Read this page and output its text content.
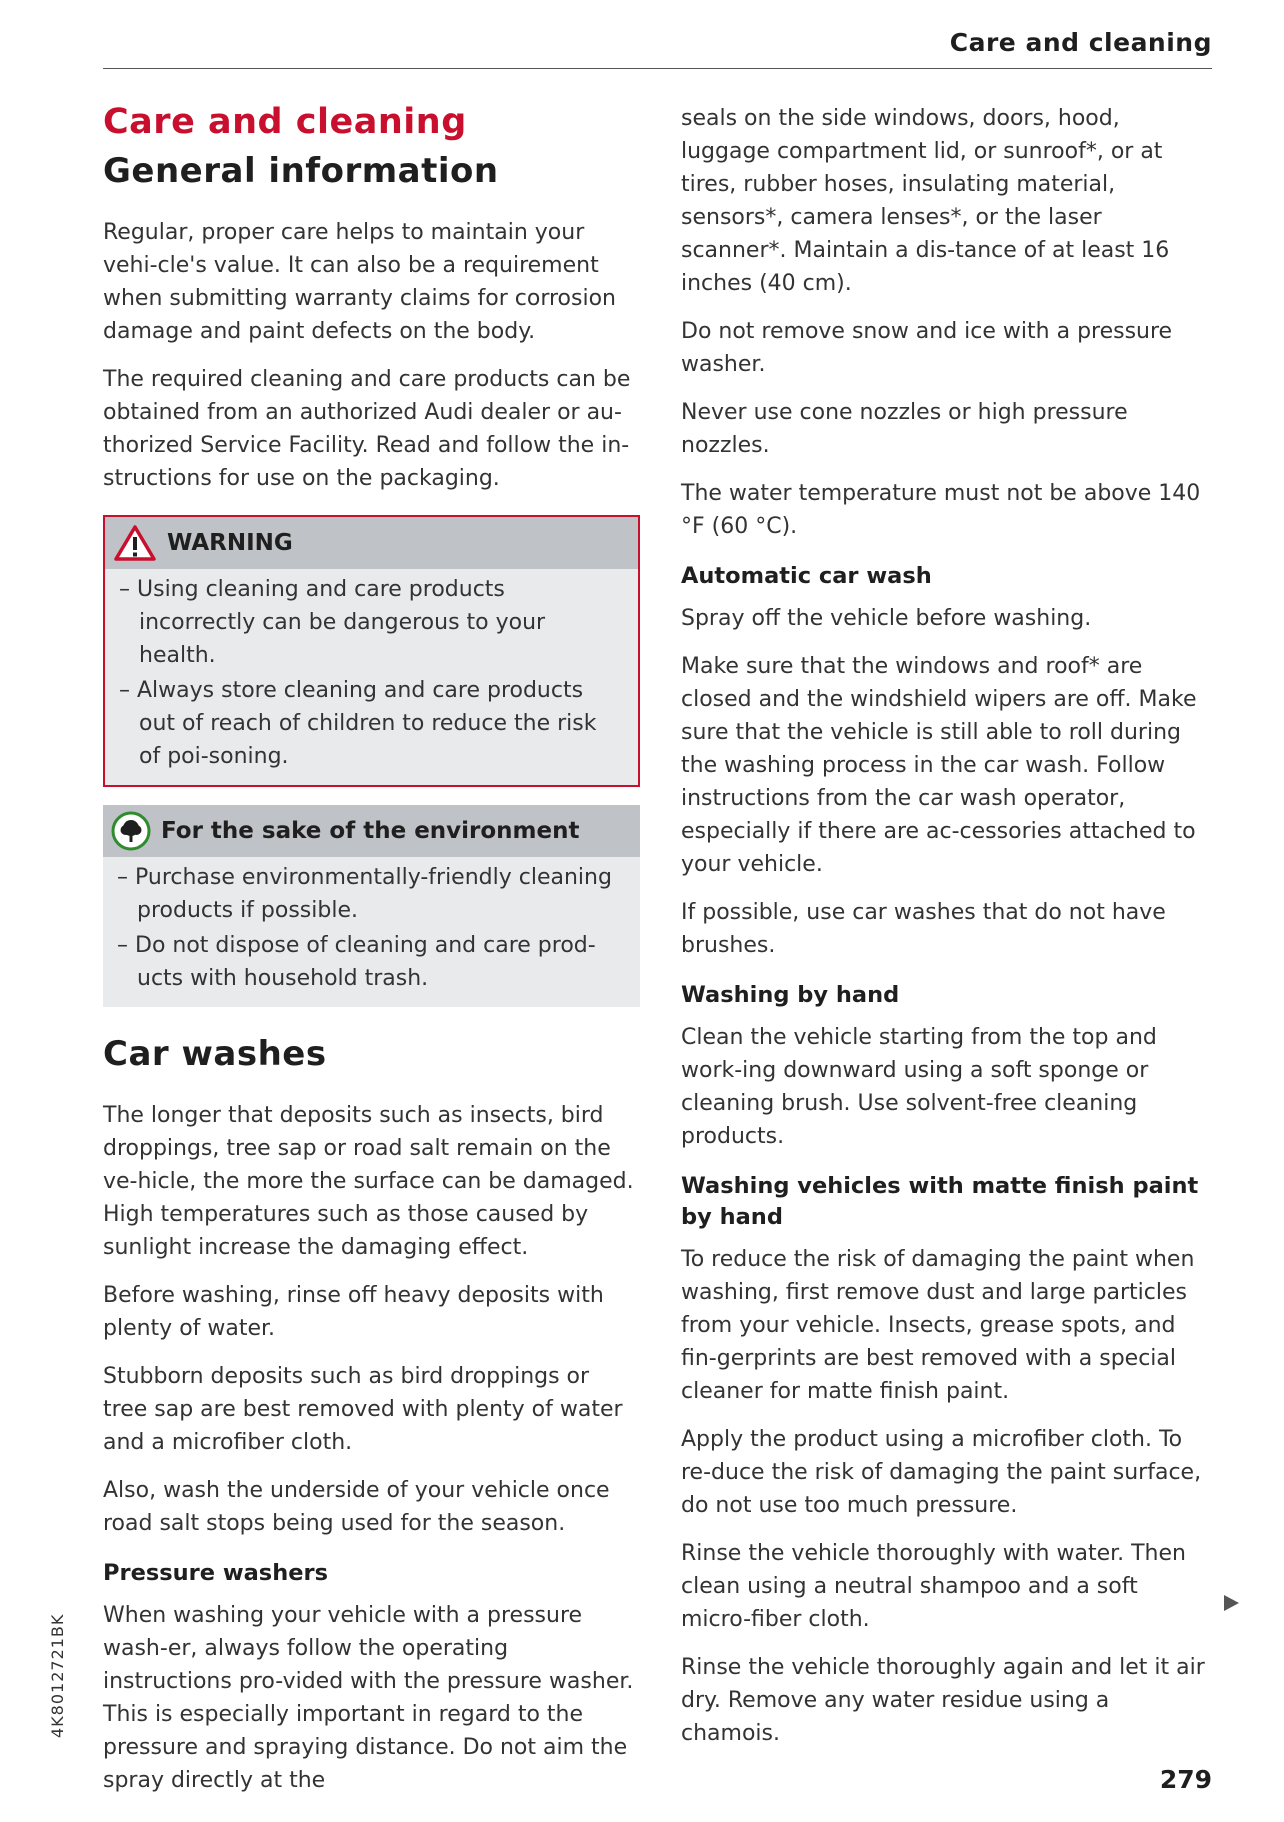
Care and cleaning
Care and cleaning
General information

Regular, proper care helps to maintain your vehi-cle's value. It can also be a requirement when submitting warranty claims for corrosion damage and paint defects on the body.

The required cleaning and care products can be obtained from an authorized Audi dealer or au-thorized Service Facility. Read and follow the in-structions for use on the packaging.

WARNING
– Using cleaning and care products incorrectly can be dangerous to your health.
– Always store cleaning and care products out of reach of children to reduce the risk of poi-soning.
For the sake of the environment
– Purchase environmentally-friendly cleaning products if possible.
– Do not dispose of cleaning and care prod-ucts with household trash.
Car washes

The longer that deposits such as insects, bird droppings, tree sap or road salt remain on the ve-hicle, the more the surface can be damaged. High temperatures such as those caused by sunlight increase the damaging effect.

Before washing, rinse off heavy deposits with plenty of water.

Stubborn deposits such as bird droppings or tree sap are best removed with plenty of water and a microfiber cloth.

Also, wash the underside of your vehicle once road salt stops being used for the season.

Pressure washers

When washing your vehicle with a pressure wash-er, always follow the operating instructions pro-vided with the pressure washer. This is especially important in regard to the pressure and spraying distance. Do not aim the spray directly at the

seals on the side windows, doors, hood, luggage compartment lid, or sunroof*, or at tires, rubber hoses, insulating material, sensors*, camera lenses*, or the laser scanner*. Maintain a dis-tance of at least 16 inches (40 cm).

Do not remove snow and ice with a pressure washer.

Never use cone nozzles or high pressure nozzles.

The water temperature must not be above 140 °F (60 °C).

Automatic car wash

Spray off the vehicle before washing.

Make sure that the windows and roof* are closed and the windshield wipers are off. Make sure that the vehicle is still able to roll during the washing process in the car wash. Follow instructions from the car wash operator, especially if there are ac-cessories attached to your vehicle.

If possible, use car washes that do not have brushes.

Washing by hand

Clean the vehicle starting from the top and work-ing downward using a soft sponge or cleaning brush. Use solvent-free cleaning products.

Washing vehicles with matte finish paint by hand

To reduce the risk of damaging the paint when washing, first remove dust and large particles from your vehicle. Insects, grease spots, and fin-gerprints are best removed with a special cleaner for matte finish paint.

Apply the product using a microfiber cloth. To re-duce the risk of damaging the paint surface, do not use too much pressure.

Rinse the vehicle thoroughly with water. Then clean using a neutral shampoo and a soft micro-fiber cloth.

Rinse the vehicle thoroughly again and let it air dry. Remove any water residue using a chamois.

4K8012721BK
279
